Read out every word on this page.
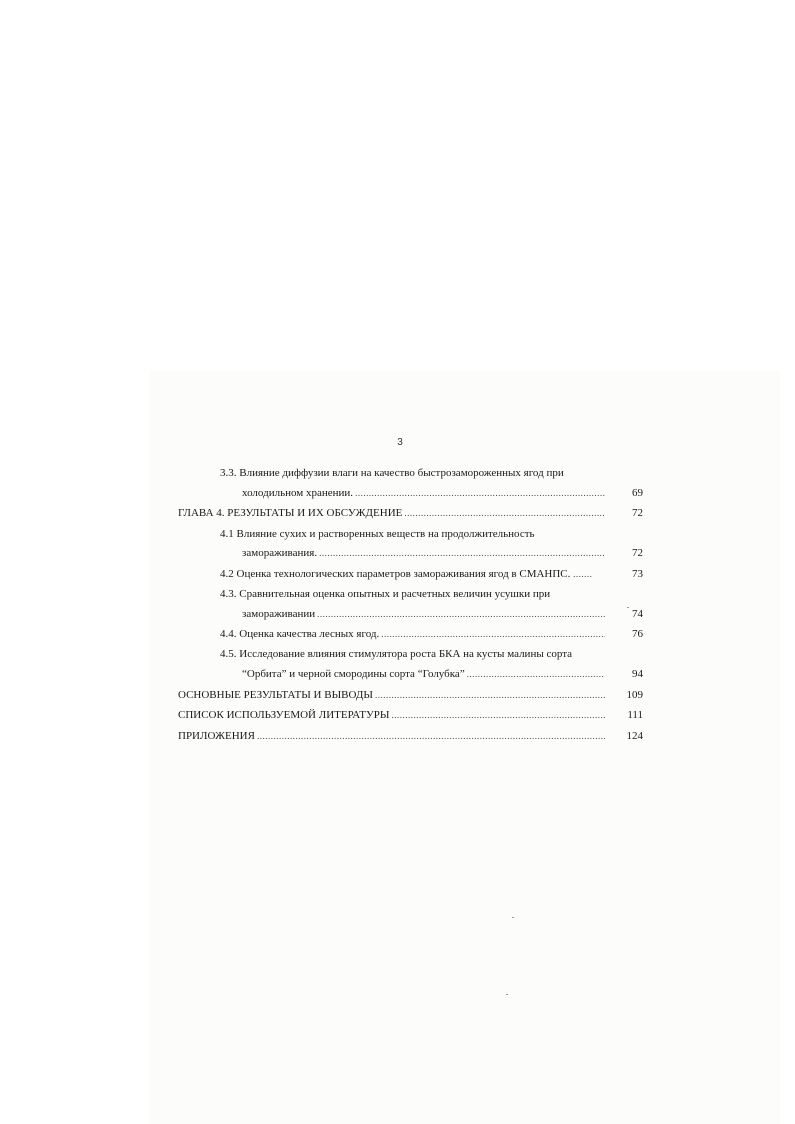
3
3.3. Влияние диффузии влаги на качество быстрозамороженных ягод при
холодильном хранении. .....	69
ГЛАВА 4. РЕЗУЛЬТАТЫ И ИХ ОБСУЖДЕНИЕ .....	72
4.1 Влияние сухих и растворенных веществ на продолжительность
замораживания. .....	72
4.2 Оценка технологических параметров замораживания ягод в СМАНПС. .......	73
4.3. Сравнительная оценка опытных и расчетных величин усушки при
замораживании .....	74
4.4. Оценка качества лесных ягод. .....	76
4.5. Исследование влияния стимулятора роста БКА на кусты малины сорта
“Орбита” и черной смородины сорта “Голубка” .....	94
ОСНОВНЫЕ РЕЗУЛЬТАТЫ И ВЫВОДЫ .....	109
СПИСОК ИСПОЛЬЗУЕМОЙ ЛИТЕРАТУРЫ .....	111
ПРИЛОЖЕНИЯ .....	124
